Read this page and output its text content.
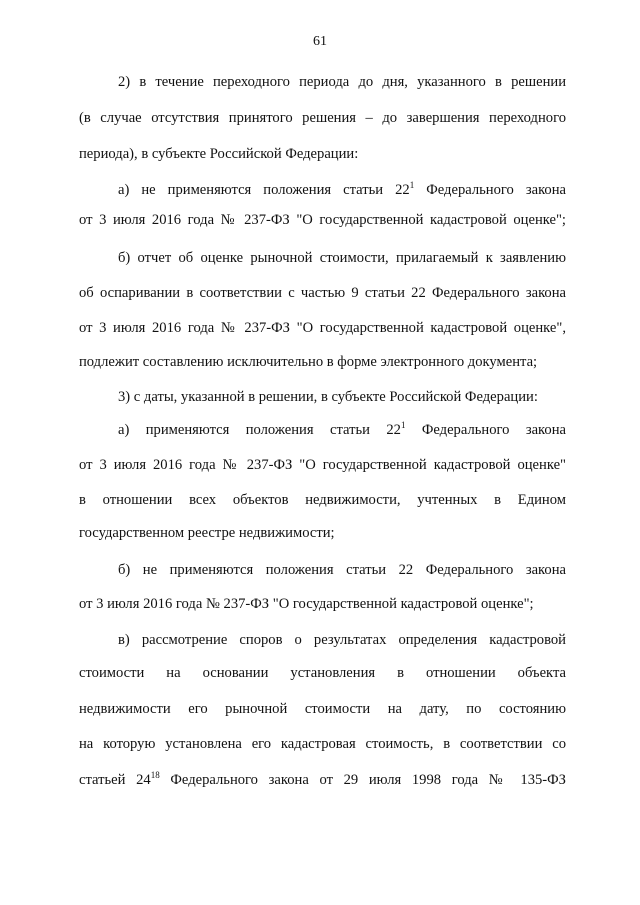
61
2) в течение переходного периода до дня, указанного в решении
(в случае отсутствия принятого решения – до завершения переходного
периода), в субъекте Российской Федерации:
а) не применяются положения статьи $22^1$ Федерального закона
от 3 июля 2016 года № 237-ФЗ "О государственной кадастровой оценке";
б) отчет об оценке рыночной стоимости, прилагаемый к заявлению
об оспаривании в соответствии с частью 9 статьи 22 Федерального закона
от 3 июля 2016 года № 237-ФЗ "О государственной кадастровой оценке",
подлежит составлению исключительно в форме электронного документа;
3) с даты, указанной в решении, в субъекте Российской Федерации:
а) применяются положения статьи $22^1$ Федерального закона
от 3 июля 2016 года № 237-ФЗ "О государственной кадастровой оценке"
в отношении всех объектов недвижимости, учтенных в Едином
государственном реестре недвижимости;
б) не применяются положения статьи 22 Федерального закона
от 3 июля 2016 года № 237-ФЗ "О государственной кадастровой оценке";
в) рассмотрение споров о результатах определения кадастровой
стоимости на основании установления в отношении объекта
недвижимости его рыночной стоимости на дату, по состоянию
на которую установлена его кадастровая стоимость, в соответствии со
статьей $24^{18}$ Федерального закона от 29 июля 1998 года № 135-ФЗ
